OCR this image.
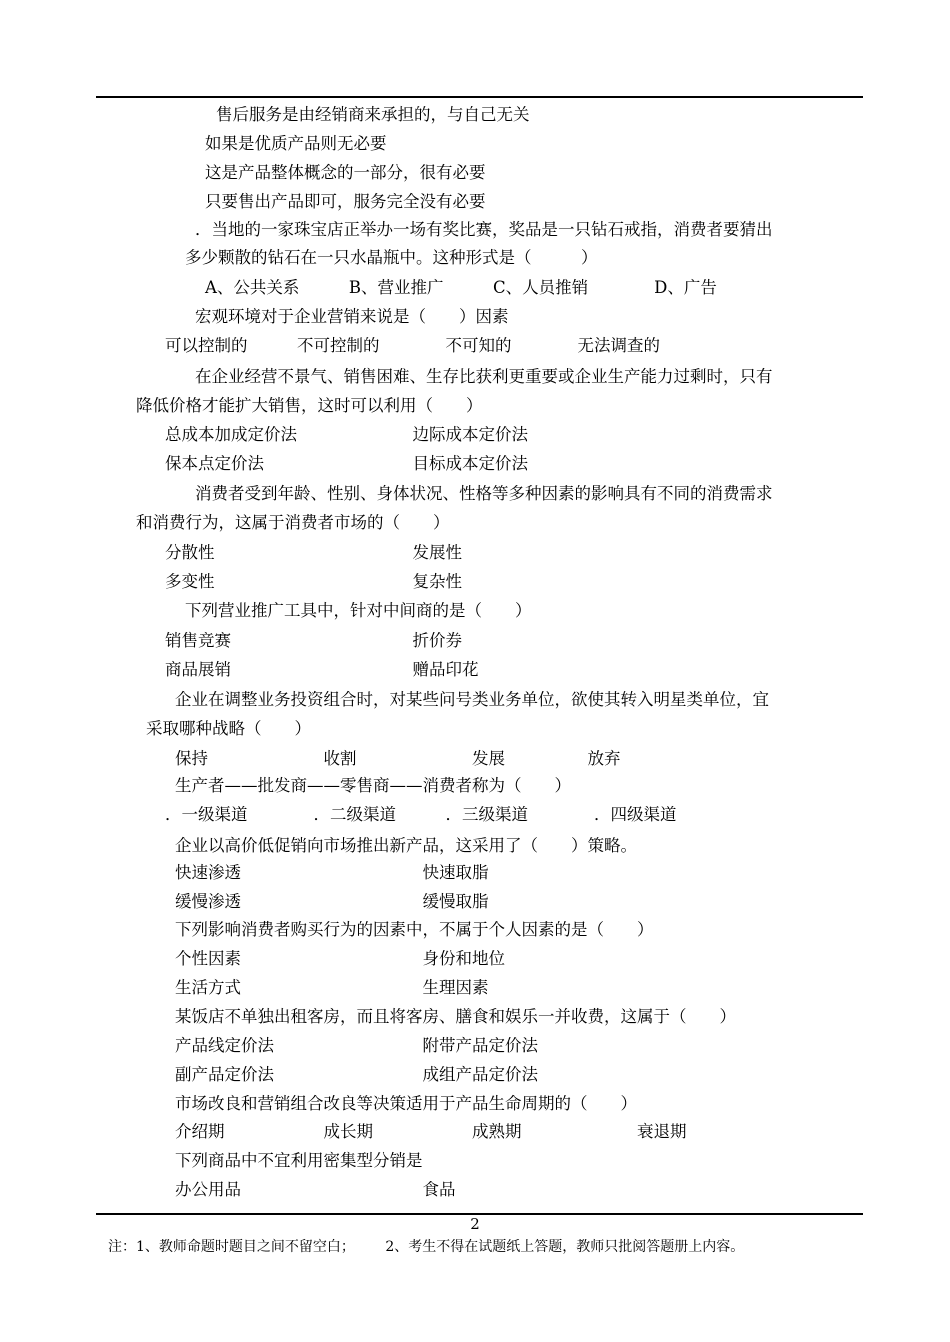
售后服务是由经销商来承担的，与自己无关
如果是优质产品则无必要
这是产品整体概念的一部分，很有必要
只要售出产品即可，服务完全没有必要
．当地的一家珠宝店正举办一场有奖比赛，奖品是一只钻石戒指，消费者要猜出
多少颗散的钻石在一只水晶瓶中。这种形式是（　　　）
A、公共关系　　　B、营业推广　　　C、人员推销　　　　D、广告
宏观环境对于企业营销来说是（　　）因素
可以控制的　　　不可控制的　　　　不可知的　　　　无法调查的
在企业经营不景气、销售困难、生存比获利更重要或企业生产能力过剩时，只有
降低价格才能扩大销售，这时可以利用（　　）
总成本加成定价法　　　　　　　边际成本定价法
保本点定价法　　　　　　　　　目标成本定价法
消费者受到年龄、性别、身体状况、性格等多种因素的影响具有不同的消费需求
和消费行为，这属于消费者市场的（　　）
分散性　　　　　　　　　　　　发展性
多变性　　　　　　　　　　　　复杂性
下列营业推广工具中，针对中间商的是（　　）
销售竞赛　　　　　　　　　　　折价券
商品展销　　　　　　　　　　　赠品印花
企业在调整业务投资组合时，对某些问号类业务单位，欲使其转入明星类单位，宜
采取哪种战略（　　）
保持　　　　　　　收割　　　　　　　发展　　　　　放弃
生产者——批发商——零售商——消费者称为（　　）
．一级渠道　　　　．二级渠道　　　．三级渠道　　　　．四级渠道
企业以高价低促销向市场推出新产品，这采用了（　　）策略。
快速渗透　　　　　　　　　　　快速取脂
缓慢渗透　　　　　　　　　　　缓慢取脂
下列影响消费者购买行为的因素中，不属于个人因素的是（　　）
个性因素　　　　　　　　　　　身份和地位
生活方式　　　　　　　　　　　生理因素
某饭店不单独出租客房，而且将客房、膳食和娱乐一并收费，这属于（　　）
产品线定价法　　　　　　　　　附带产品定价法
副产品定价法　　　　　　　　　成组产品定价法
市场改良和营销组合改良等决策适用于产品生命周期的（　　）
介绍期　　　　　　成长期　　　　　　成熟期　　　　　　　衰退期
下列商品中不宜利用密集型分销是
办公用品　　　　　　　　　　　食品
2
注：1、教师命题时题目之间不留空白； 2、考生不得在试题纸上答题，教师只批阅答题册上内容。
